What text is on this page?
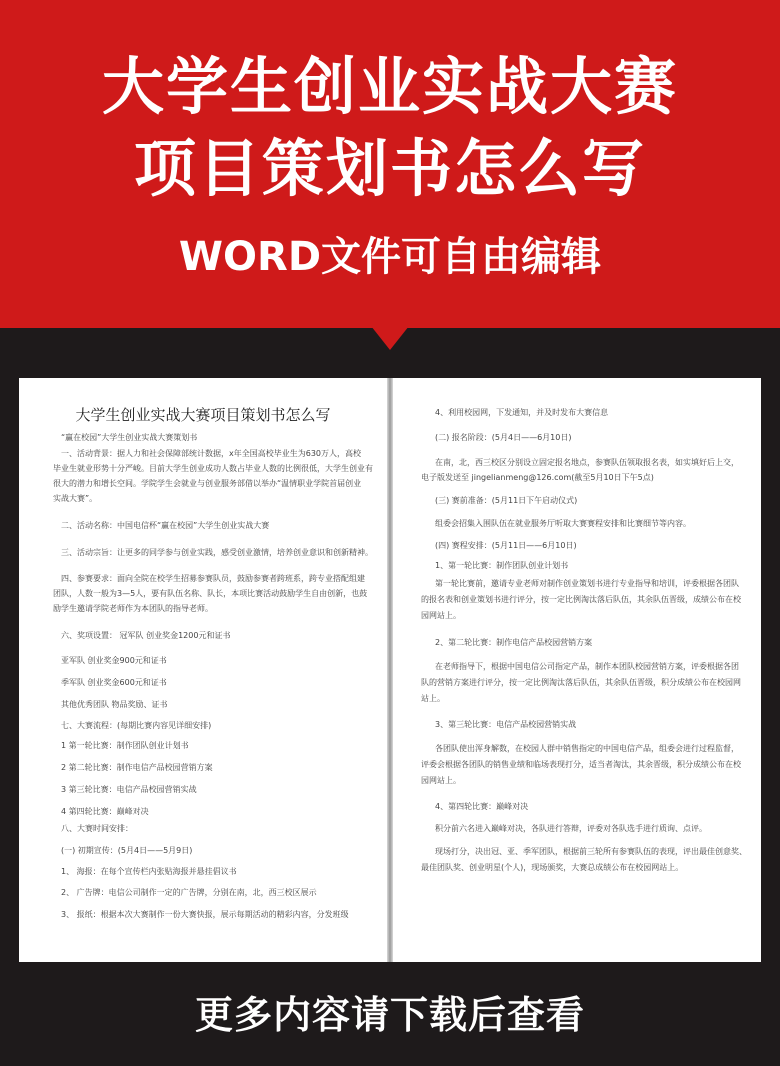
大学生创业实战大赛
项目策划书怎么写
WORD文件可自由编辑
大学生创业实战大赛项目策划书怎么写
“赢在校园”大学生创业实战大赛策划书
一、活动背景：据人力和社会保障部统计数据，x年全国高校毕业生为630万人，高校
毕业生就业形势十分严峻。目前大学生创业成功人数占毕业人数的比例很低，大学生创业有
很大的潜力和增长空间。学院学生会就业与创业服务部借以举办“温情职业学院首届创业
实战大赛”。
二、活动名称：中国电信杯“赢在校园”大学生创业实战大赛
三、活动宗旨：让更多的同学参与创业实践，感受创业激情，培养创业意识和创新精神。
四、参赛要求：面向全院在校学生招募参赛队员，鼓励参赛者跨班系，跨专业搭配组建
团队，人数一般为3—5人，要有队伍名称、队长，本项比赛活动鼓励学生自由创新，也鼓
励学生邀请学院老师作为本团队的指导老师。
六、奖项设置： 冠军队 创业奖金1200元和证书
亚军队 创业奖金900元和证书
季军队 创业奖金600元和证书
其他优秀团队 物品奖励、证书
七、大赛流程：(每期比赛内容见详细安排)
1 第一轮比赛：制作团队创业计划书
2 第二轮比赛：制作电信产品校园营销方案
3 第三轮比赛：电信产品校园营销实战
4 第四轮比赛：巅峰对决
八、大赛时间安排：
(一) 初期宣传：(5月4日——5月9日)
1、 海报：在每个宣传栏内张贴海报并悬挂倡议书
2、 广告牌：电信公司制作一定的广告牌，分别在南，北，西三校区展示
3、 报纸：根据本次大赛制作一份大赛快报，展示每期活动的精彩内容，分发班级
4、利用校园网，下发通知，并及时发布大赛信息
(二) 报名阶段：(5月4日——6月10日)
在南，北，西三校区分别设立固定报名地点，参赛队伍领取报名表，如实填好后上交，
电子版发送至 jingelianmeng@126.com(截至5月10日下午5点)
(三) 赛前准备：(5月11日下午启动仪式)
组委会招集入围队伍在就业服务厅听取大赛赛程安排和比赛细节等内容。
(四) 赛程安排：(5月11日——6月10日)
1、第一轮比赛：制作团队创业计划书
第一轮比赛前，邀请专业老师对制作创业策划书进行专业指导和培训，评委根据各团队
的报名表和创业策划书进行评分，按一定比例淘汰落后队伍，其余队伍晋级，成绩公布在校
园网站上。
2、第二轮比赛：制作电信产品校园营销方案
在老师指导下，根据中国电信公司指定产品，制作本团队校园营销方案，评委根据各团
队的营销方案进行评分，按一定比例淘汰落后队伍，其余队伍晋级，积分成绩公布在校园网
站上。
3、第三轮比赛：电信产品校园营销实战
各团队使出浑身解数，在校园人群中销售指定的中国电信产品，组委会进行过程监督，
评委会根据各团队的销售业绩和临场表现打分，适当者淘汰，其余晋级，积分成绩公布在校
园网站上。
4、第四轮比赛：巅峰对决
积分前六名进入巅峰对决，各队进行答辩，评委对各队选手进行质询、点评。
现场打分，决出冠、亚、季军团队，根据前三轮所有参赛队伍的表现，评出最佳创意奖、
最佳团队奖、创业明星(个人)，现场颁奖，大赛总成绩公布在校园网站上。
更多内容请下载后查看
